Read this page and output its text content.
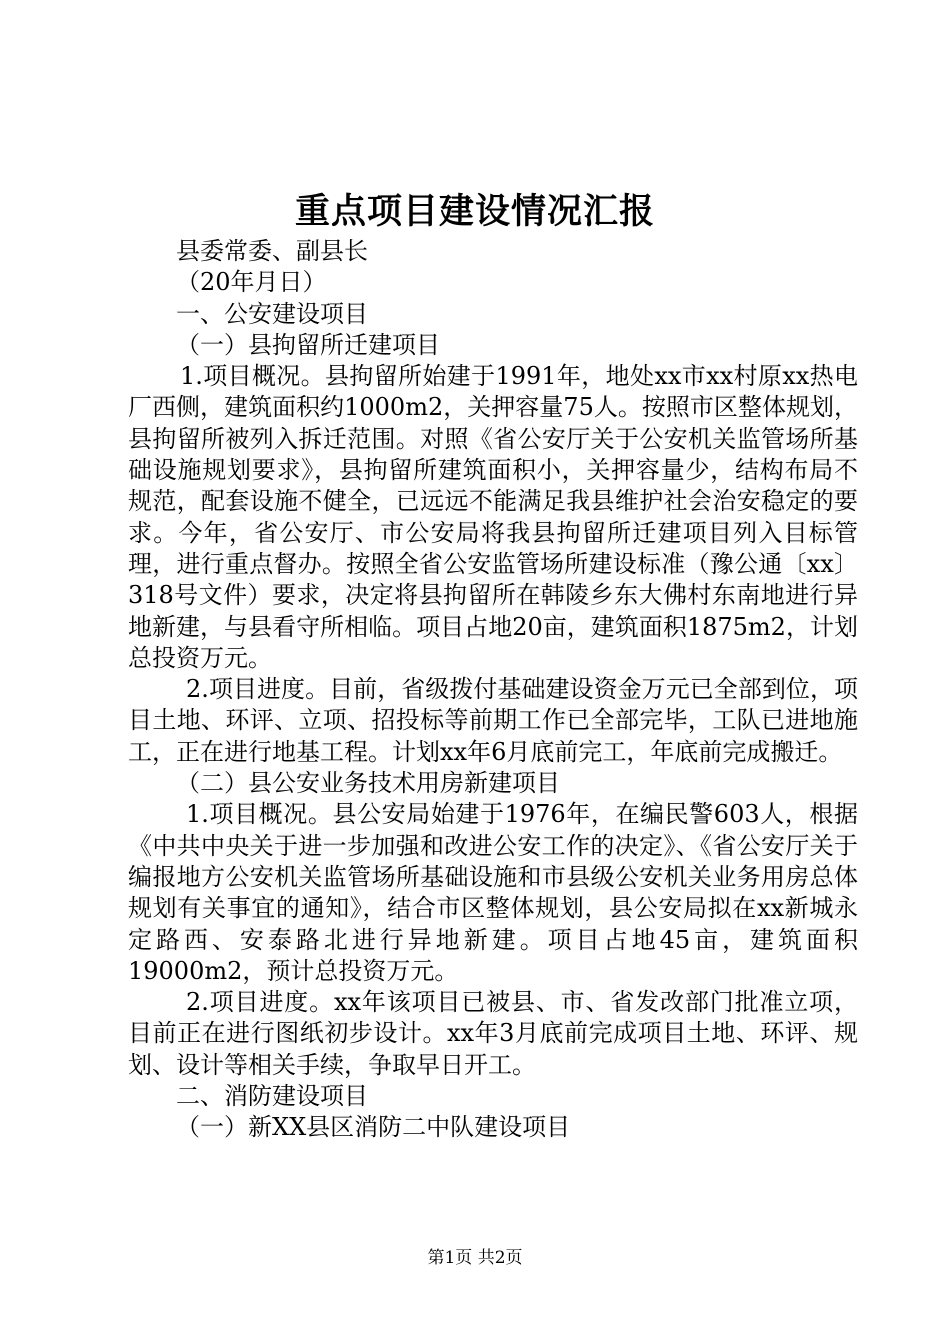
重点项目建设情况汇报

县委常委、副县长

（20年月日）

一、公安建设项目

（一）县拘留所迁建项目

1.项目概况。县拘留所始建于1991年，地处xx市xx村原xx热电厂西侧，建筑面积约1000m2，关押容量75人。按照市区整体规划，县拘留所被列入拆迁范围。对照《省公安厅关于公安机关监管场所基础设施规划要求》，县拘留所建筑面积小，关押容量少，结构布局不规范，配套设施不健全，已远远不能满足我县维护社会治安稳定的要求。今年，省公安厅、市公安局将我县拘留所迁建项目列入目标管理，进行重点督办。按照全省公安监管场所建设标准（豫公通〔xx〕318号文件）要求，决定将县拘留所在韩陵乡东大佛村东南地进行异地新建，与县看守所相临。项目占地20亩，建筑面积1875m2，计划总投资万元。

2.项目进度。目前，省级拨付基础建设资金万元已全部到位，项目土地、环评、立项、招投标等前期工作已全部完毕，工队已进地施工，正在进行地基工程。计划xx年6月底前完工，年底前完成搬迁。

（二）县公安业务技术用房新建项目

1.项目概况。县公安局始建于1976年，在编民警603人，根据《中共中央关于进一步加强和改进公安工作的决定》、《省公安厅关于编报地方公安机关监管场所基础设施和市县级公安机关业务用房总体规划有关事宜的通知》，结合市区整体规划，县公安局拟在xx新城永定路西、安泰路北进行异地新建。项目占地45亩，建筑面积19000m2，预计总投资万元。

2.项目进度。xx年该项目已被县、市、省发改部门批准立项，目前正在进行图纸初步设计。xx年3月底前完成项目土地、环评、规划、设计等相关手续，争取早日开工。

二、消防建设项目

（一）新XX县区消防二中队建设项目

第1页 共2页
